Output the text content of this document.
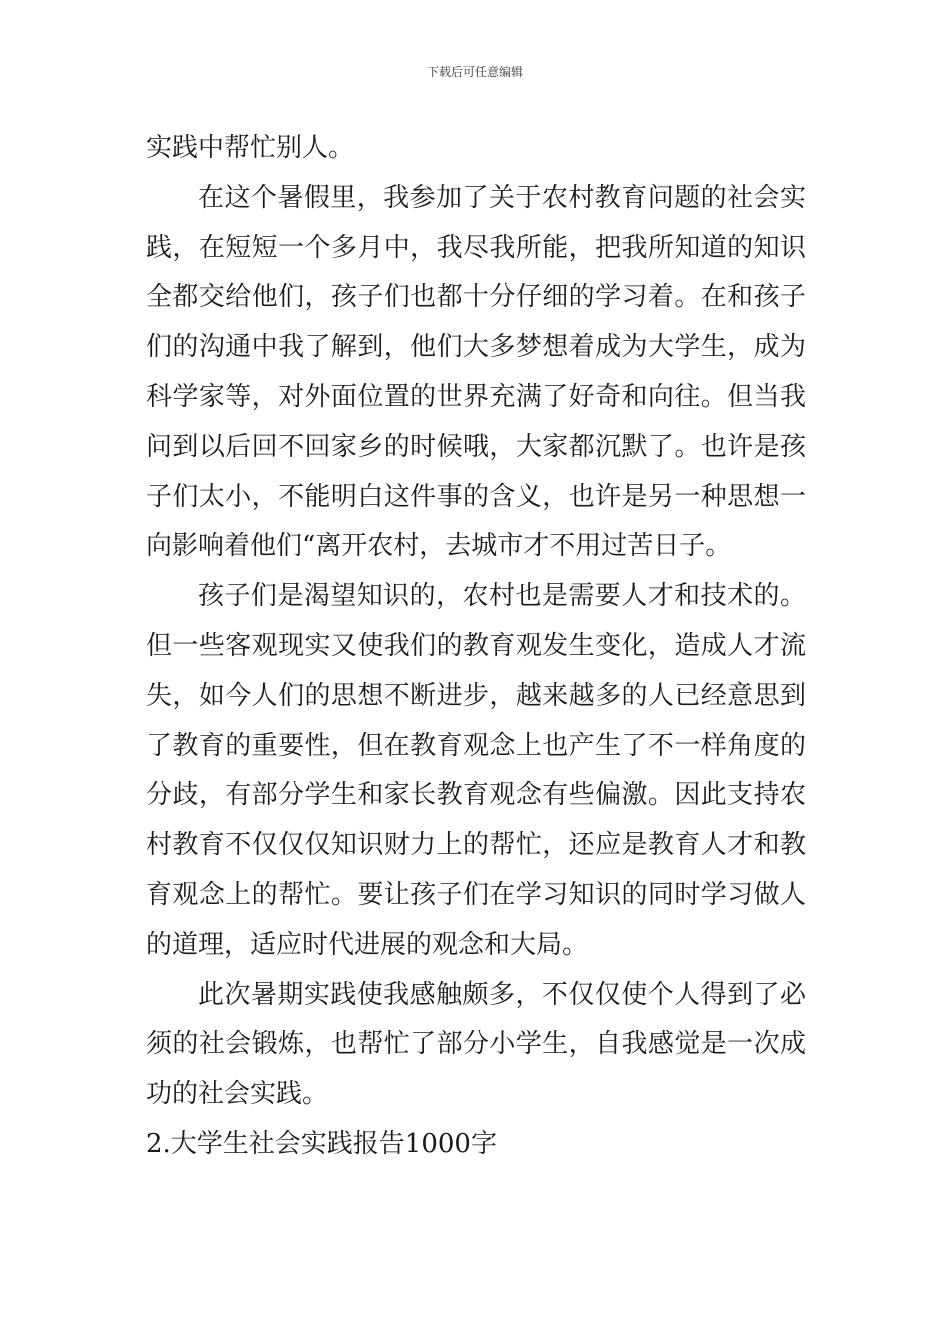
下载后可任意编辑

实践中帮忙别人。

在这个暑假里，我参加了关于农村教育问题的社会实践，在短短一个多月中，我尽我所能，把我所知道的知识全都交给他们，孩子们也都十分仔细的学习着。在和孩子们的沟通中我了解到，他们大多梦想着成为大学生，成为科学家等，对外面位置的世界充满了好奇和向往。但当我问到以后回不回家乡的时候哦，大家都沉默了。也许是孩子们太小，不能明白这件事的含义，也许是另一种思想一向影响着他们“离开农村，去城市才不用过苦日子。

孩子们是渴望知识的，农村也是需要人才和技术的。但一些客观现实又使我们的教育观发生变化，造成人才流失，如今人们的思想不断进步，越来越多的人已经意思到了教育的重要性，但在教育观念上也产生了不一样角度的分歧，有部分学生和家长教育观念有些偏激。因此支持农村教育不仅仅仅知识财力上的帮忙，还应是教育人才和教育观念上的帮忙。要让孩子们在学习知识的同时学习做人的道理，适应时代进展的观念和大局。

此次暑期实践使我感触颇多，不仅仅使个人得到了必须的社会锻炼，也帮忙了部分小学生，自我感觉是一次成功的社会实践。

2.大学生社会实践报告1000字
